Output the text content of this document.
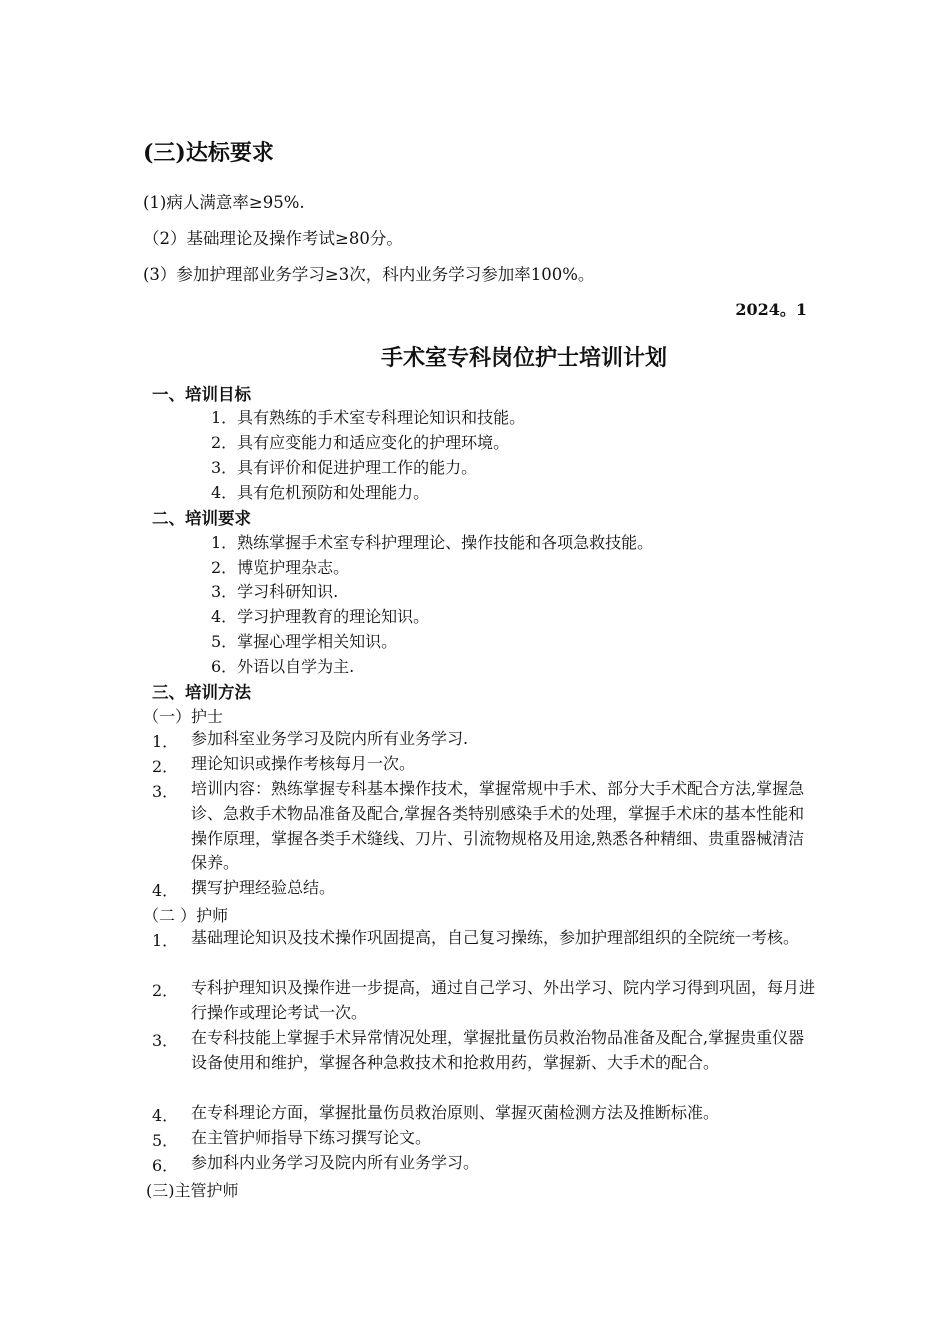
(三)达标要求
(1)病人满意率≥95%.
（2）基础理论及操作考试≥80分。
(3）参加护理部业务学习≥3次，科内业务学习参加率100%。
2024。1
手术室专科岗位护士培训计划
一、培训目标
1．具有熟练的手术室专科理论知识和技能。
2．具有应变能力和适应变化的护理环境。
3．具有评价和促进护理工作的能力。
4．具有危机预防和处理能力。
二、培训要求
1．熟练掌握手术室专科护理理论、操作技能和各项急救技能。
2．博览护理杂志。
3．学习科研知识.
4．学习护理教育的理论知识。
5．掌握心理学相关知识。
6．外语以自学为主.
三、培训方法
（一）护士
1． 参加科室业务学习及院内所有业务学习.
2． 理论知识或操作考核每月一次。
3． 培训内容：熟练掌握专科基本操作技术，掌握常规中手术、部分大手术配合方法,掌握急诊、急救手术物品准备及配合,掌握各类特别感染手术的处理，掌握手术床的基本性能和操作原理，掌握各类手术缝线、刀片、引流物规格及用途,熟悉各种精细、贵重器械清洁保养。
4． 撰写护理经验总结。
（二 ）护师
1． 基础理论知识及技术操作巩固提高，自己复习操练，参加护理部组织的全院统一考核。
2． 专科护理知识及操作进一步提高，通过自己学习、外出学习、院内学习得到巩固，每月进行操作或理论考试一次。
3． 在专科技能上掌握手术异常情况处理，掌握批量伤员救治物品准备及配合,掌握贵重仪器设备使用和维护，掌握各种急救技术和抢救用药，掌握新、大手术的配合。
4． 在专科理论方面，掌握批量伤员救治原则、掌握灭菌检测方法及推断标准。
5． 在主管护师指导下练习撰写论文。
6． 参加科内业务学习及院内所有业务学习。
(三)主管护师
